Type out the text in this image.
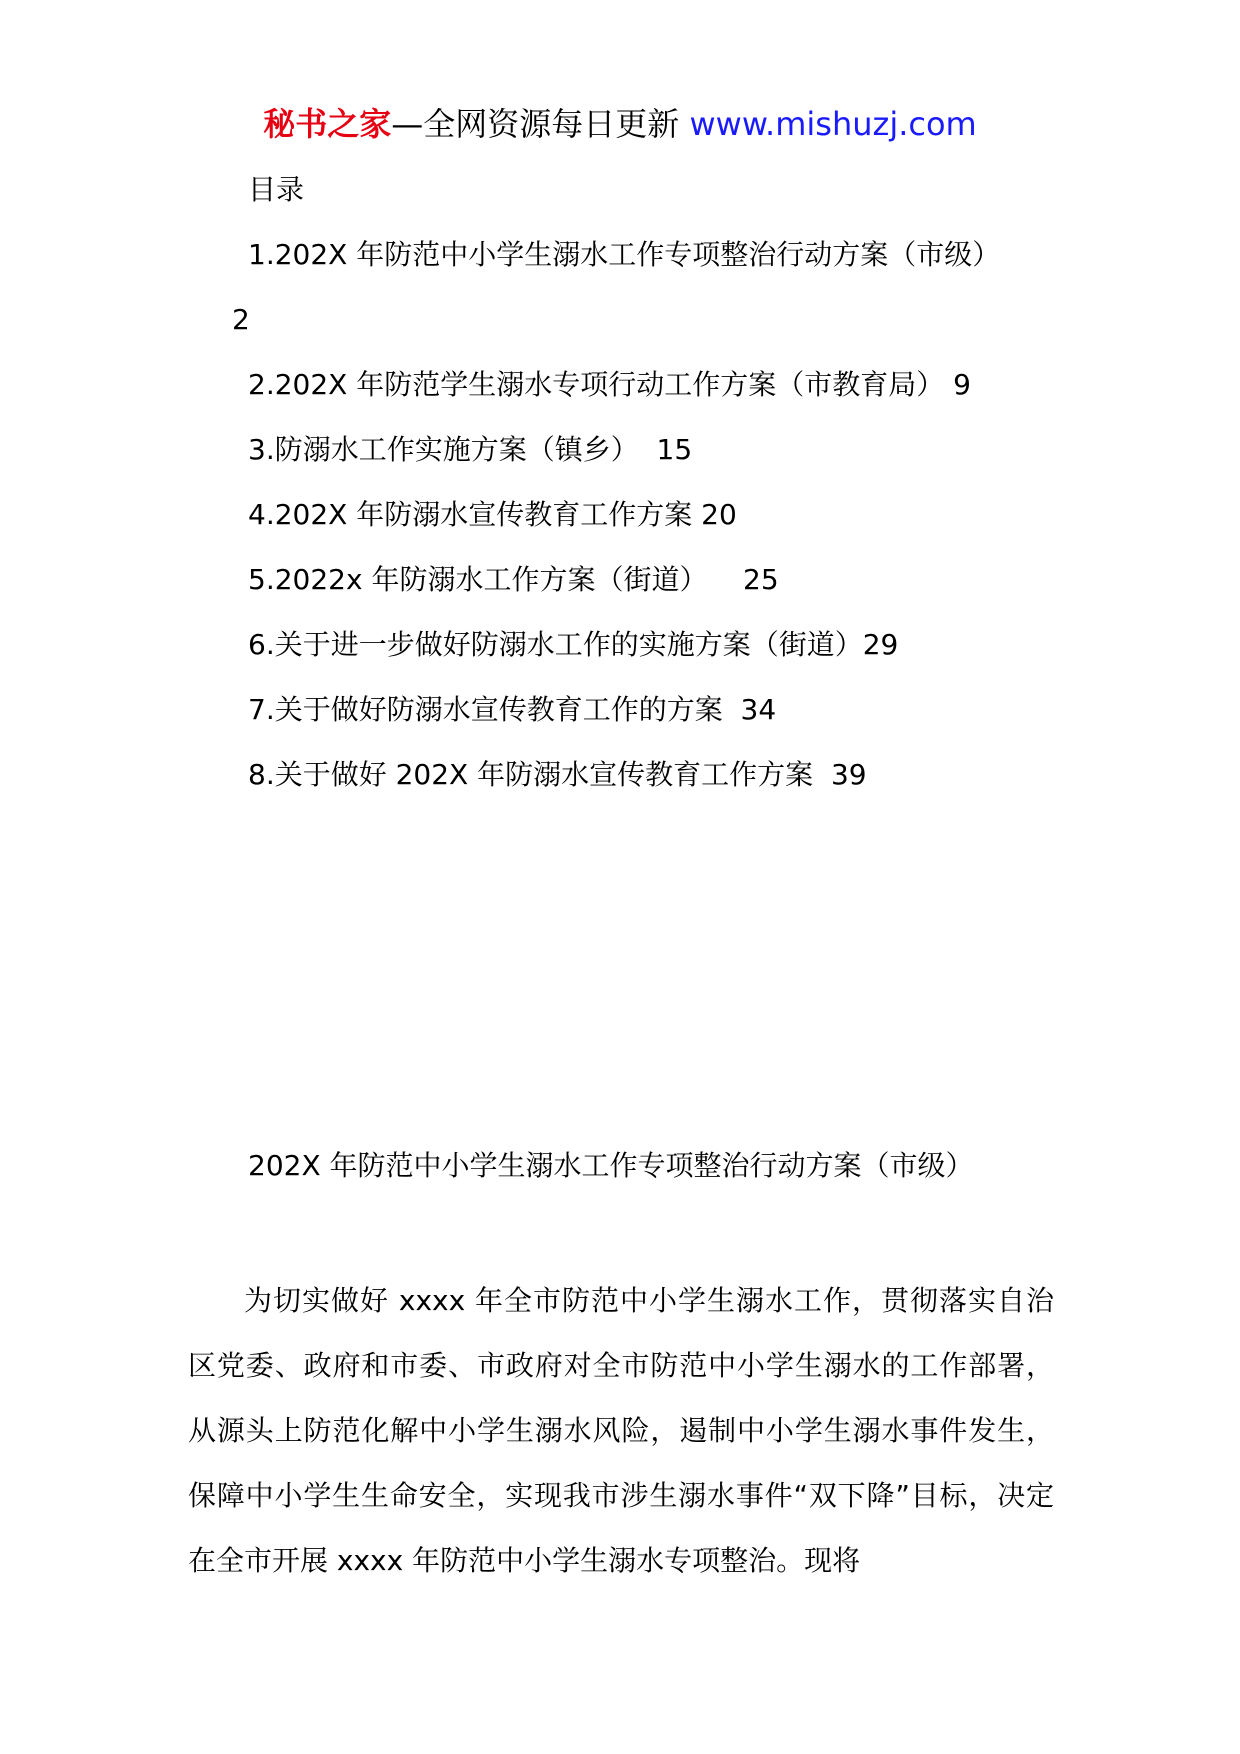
秘书之家—全网资源每日更新 www.mishuzj.com
目录
1.202X 年防范中小学生溺水工作专项整治行动方案（市级）
2
2.202X 年防范学生溺水专项行动工作方案（市教育局） 9
3.防溺水工作实施方案（镇乡）  15
4.202X 年防溺水宣传教育工作方案 20
5.2022x 年防溺水工作方案（街道）    25
6.关于进一步做好防溺水工作的实施方案（街道）29
7.关于做好防溺水宣传教育工作的方案  34
8.关于做好 202X 年防溺水宣传教育工作方案  39
202X 年防范中小学生溺水工作专项整治行动方案（市级）
为切实做好 xxxx 年全市防范中小学生溺水工作，贯彻落实自治区党委、政府和市委、市政府对全市防范中小学生溺水的工作部署，从源头上防范化解中小学生溺水风险，遏制中小学生溺水事件发生，保障中小学生生命安全，实现我市涉生溺水事件“双下降”目标，决定在全市开展 xxxx 年防范中小学生溺水专项整治。现将
